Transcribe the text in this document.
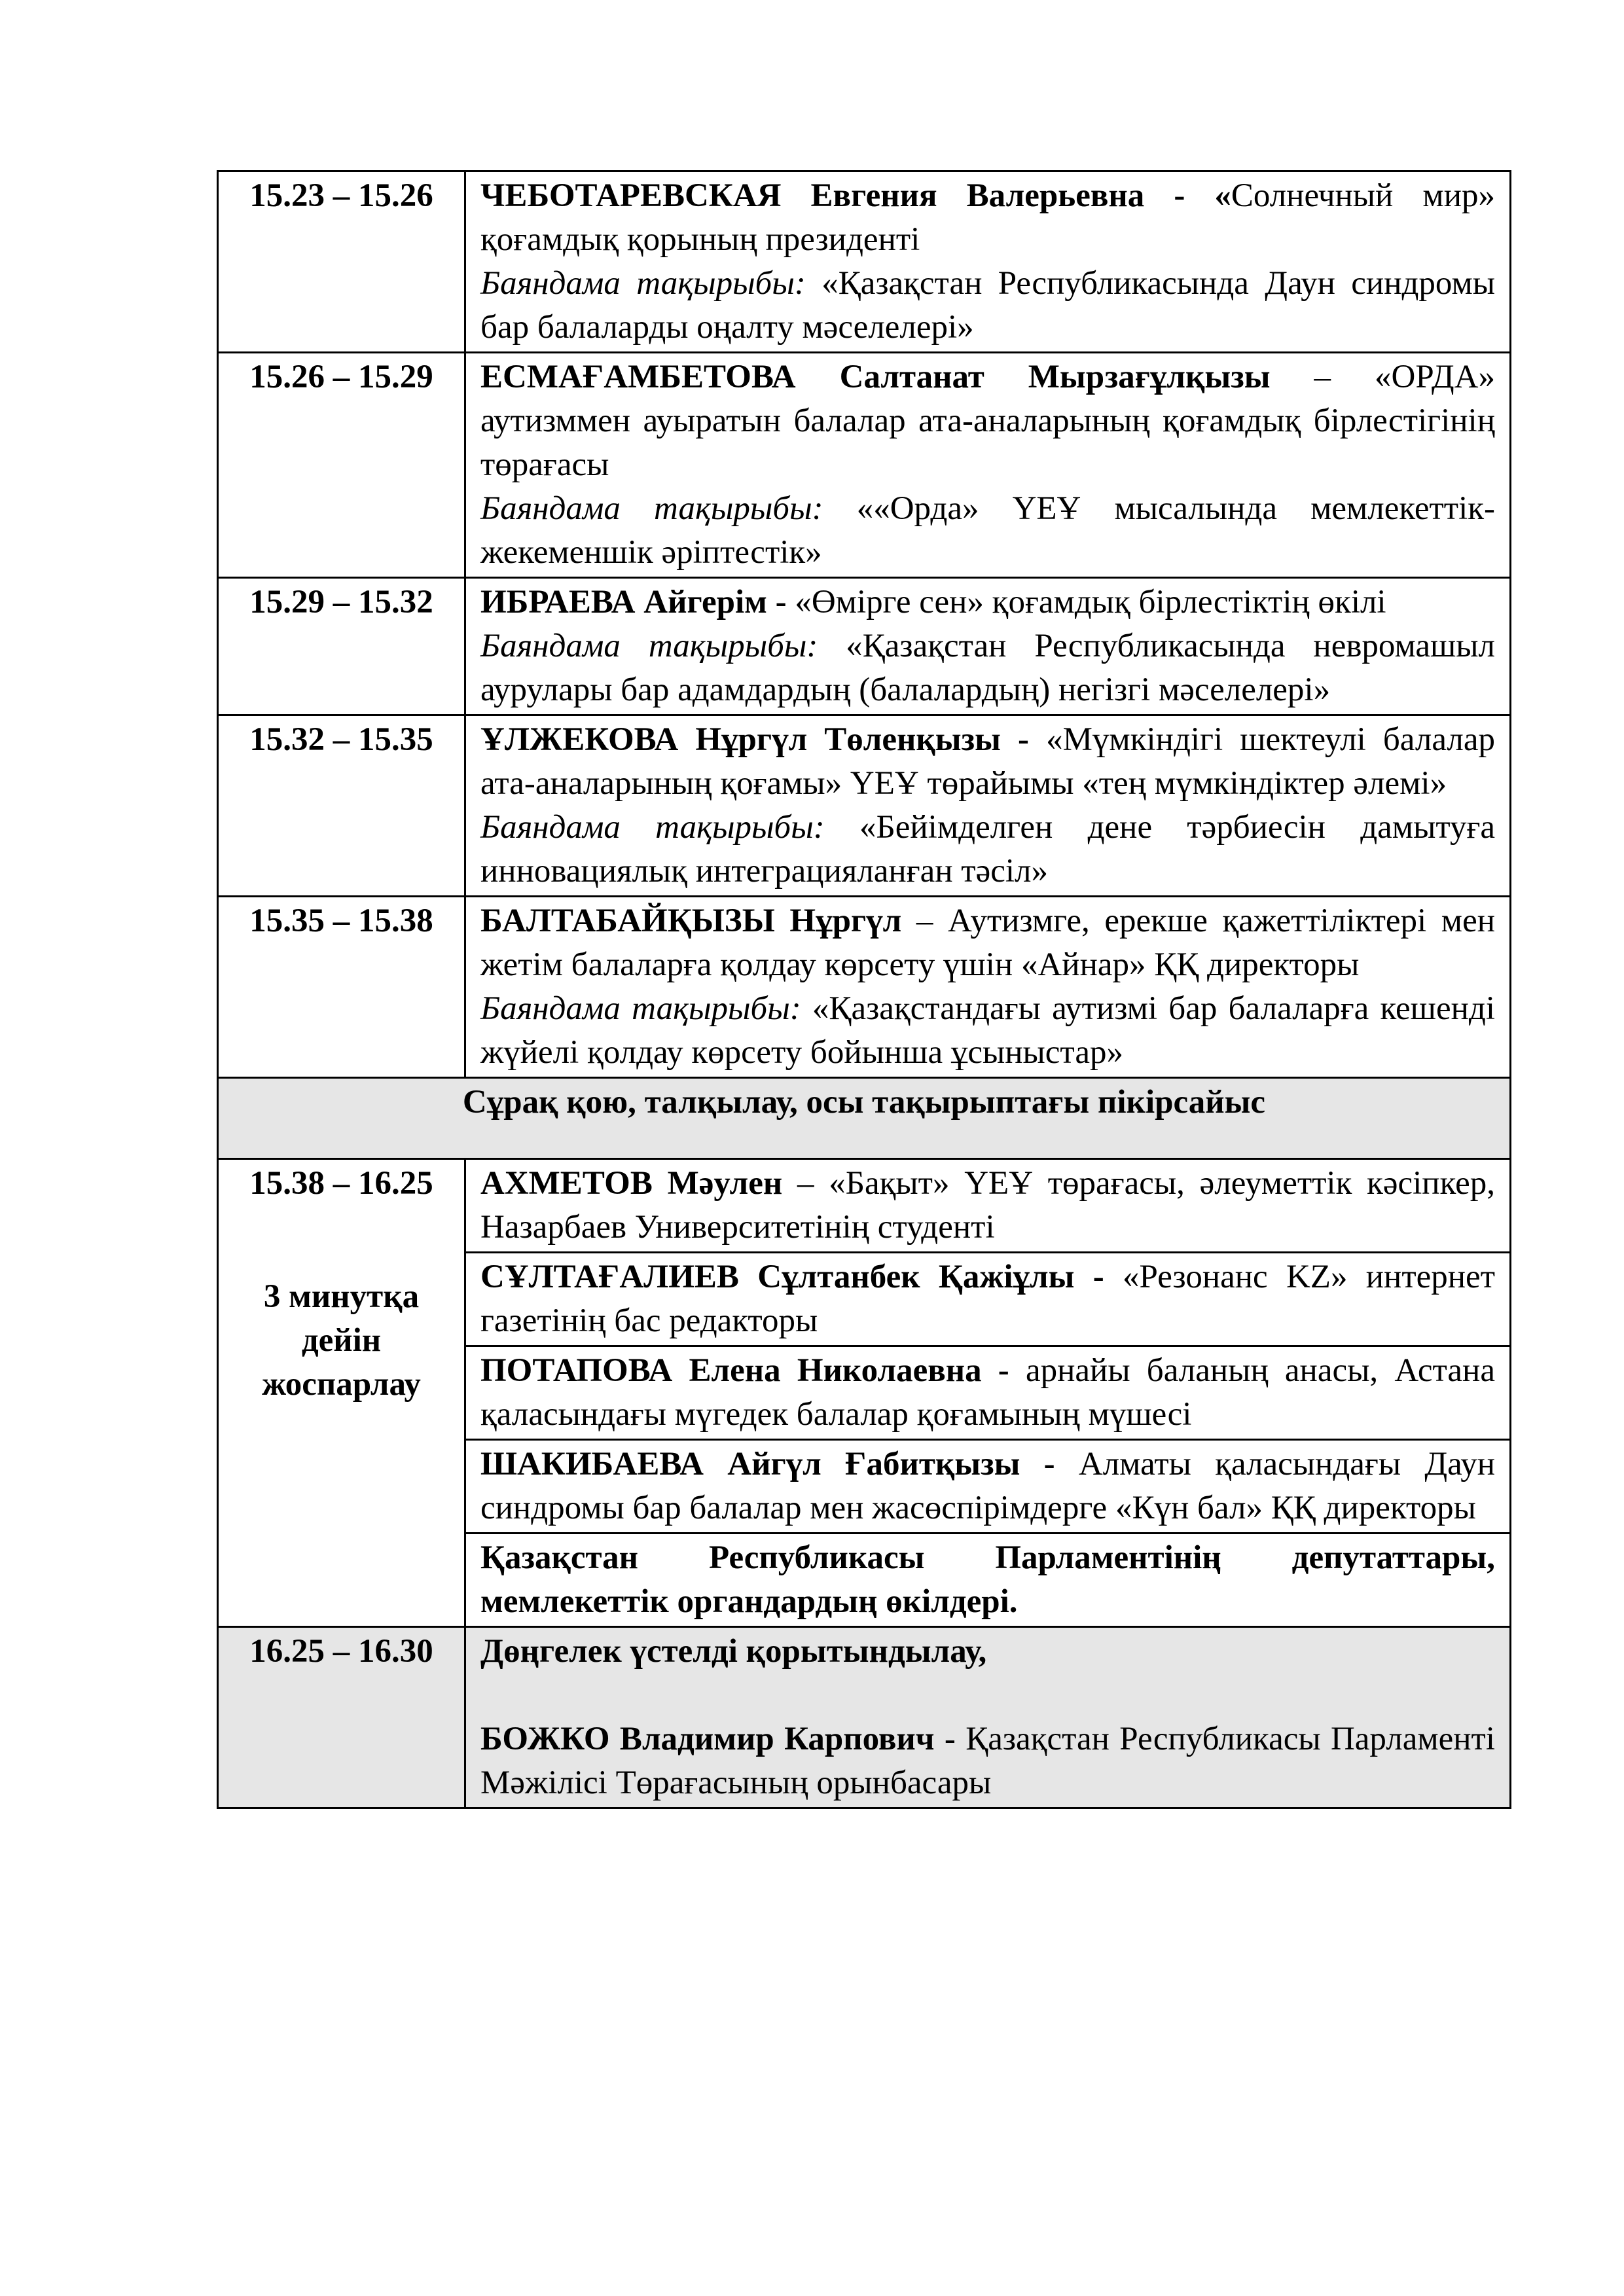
15.23 – 15.26	ЧЕБОТАРЕВСКАЯ Евгения Валерьевна - «Солнечный мир» қоғамдық қорының президенті

Баяндама тақырыбы: «Қазақстан Республикасында Даун синдромы бар балаларды оңалту мәселелері»

15.26 – 15.29	ЕСМАҒАМБЕТОВА Салтанат Мырзағұлқызы – «ОРДА» аутизммен ауыратын балалар ата-аналарының қоғамдық бірлестігінің төрағасы

Баяндама тақырыбы: ««Орда» ҮЕҰ мысалында мемлекеттік-жекеменшік әріптестік»

15.29 – 15.32	ИБРАЕВА Айгерім - «Өмірге сен» қоғамдық бірлестіктің өкілі

Баяндама тақырыбы: «Қазақстан Республикасында невромашыл аурулары бар адамдардың (балалардың) негізгі мәселелері»

15.32 – 15.35	ҰЛЖЕКОВА Нұргүл Төленқызы - «Мүмкіндігі шектеулі балалар ата-аналарының қоғамы» ҮЕҰ төрайымы «тең мүмкіндіктер әлемі»

Баяндама тақырыбы: «Бейімделген дене тәрбиесін дамытуға инновациялық интеграцияланған тәсіл»

15.35 – 15.38	БАЛТАБАЙҚЫЗЫ Нұргүл – Аутизмге, ерекше қажеттіліктері мен жетім балаларға қолдау көрсету үшін «Айнар» ҚҚ директоры

Баяндама тақырыбы: «Қазақстандағы аутизмі бар балаларға кешенді жүйелі қолдау көрсету бойынша ұсыныстар»

Сұрақ қою, талқылау, осы тақырыптағы пікірсайыс	

15.38 – 16.25
3 минутқа
дейін
жоспарлау	АХМЕТОВ Мәулен – «Бақыт» ҮЕҰ төрағасы, әлеуметтік кәсіпкер, Назарбаев Университетінің студенті

	СҰЛТАҒАЛИЕВ Сұлтанбек Қажіұлы - «Резонанс KZ» интернет газетінің бас редакторы

	ПОТАПОВА Елена Николаевна - арнайы баланың анасы, Астана қаласындағы мүгедек балалар қоғамының мүшесі

	ШАКИБАЕВА Айгүл Ғабитқызы - Алматы қаласындағы Даун синдромы бар балалар мен жасөспірімдерге «Күн бал» ҚҚ директоры

	Қазақстан Республикасы Парламентінің депутаттары, мемлекеттік органдардың өкілдері.

16.25 – 16.30	Дөңгелек үстелді қорытындылау,

БОЖКО Владимир Карпович - Қазақстан Республикасы Парламенті Мәжілісі Төрағасының орынбасары
